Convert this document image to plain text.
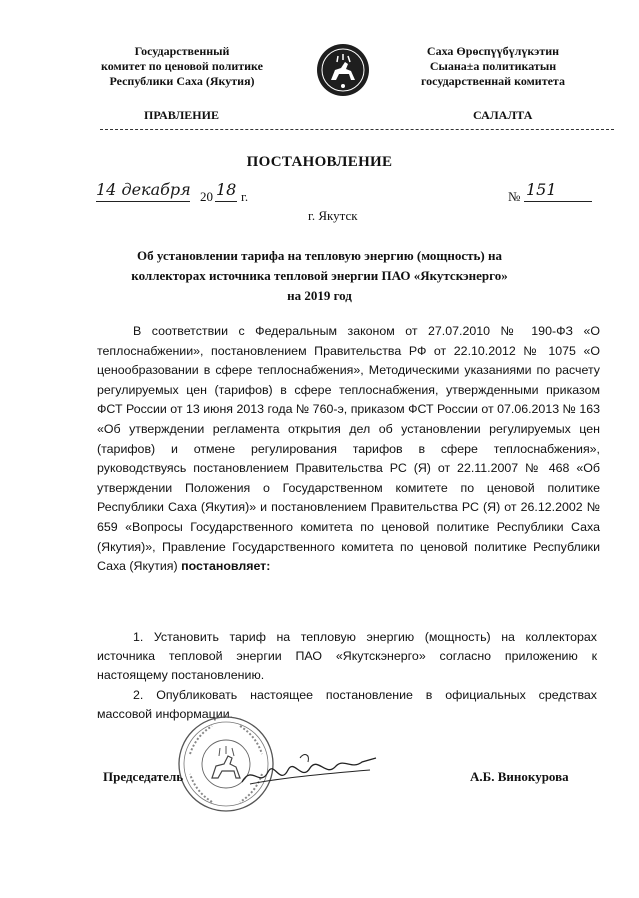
Государственный
комитет по ценовой политике
Республики Саха (Якутия)
Саха Өрөспүүбүлүкэтин
Сыана±а политикатын
государственнай комитета
ПРАВЛЕНИЕ	САЛАЛТА
ПОСТАНОВЛЕНИЕ
14 декабря 20 18 г.	№ 151
г. Якутск
Об установлении тарифа на тепловую энергию (мощность) на
коллекторах источника тепловой энергии ПАО «Якутскэнерго»
на 2019 год
В соответствии с Федеральным законом от 27.07.2010 № 190-ФЗ «О теплоснабжении», постановлением Правительства РФ от 22.10.2012 № 1075 «О ценообразовании в сфере теплоснабжения», Методическими указаниями по расчету регулируемых цен (тарифов) в сфере теплоснабжения, утвержденными приказом ФСТ России от 13 июня 2013 года № 760-э, приказом ФСТ России от 07.06.2013 № 163 «Об утверждении регламента открытия дел об установлении регулируемых цен (тарифов) и отмене регулирования тарифов в сфере теплоснабжения», руководствуясь постановлением Правительства РС (Я) от 22.11.2007 № 468 «Об утверждении Положения о Государственном комитете по ценовой политике Республики Саха (Якутия)» и постановлением Правительства РС (Я) от 26.12.2002 № 659 «Вопросы Государственного комитета по ценовой политике Республики Саха (Якутия)», Правление Государственного комитета по ценовой политике Республики Саха (Якутия) постановляет:
1. Установить тариф на тепловую энергию (мощность) на коллекторах источника тепловой энергии ПАО «Якутскэнерго» согласно приложению к настоящему постановлению.
2. Опубликовать настоящее постановление в официальных средствах массовой информации.
Председатель	А.Б. Винокурова
